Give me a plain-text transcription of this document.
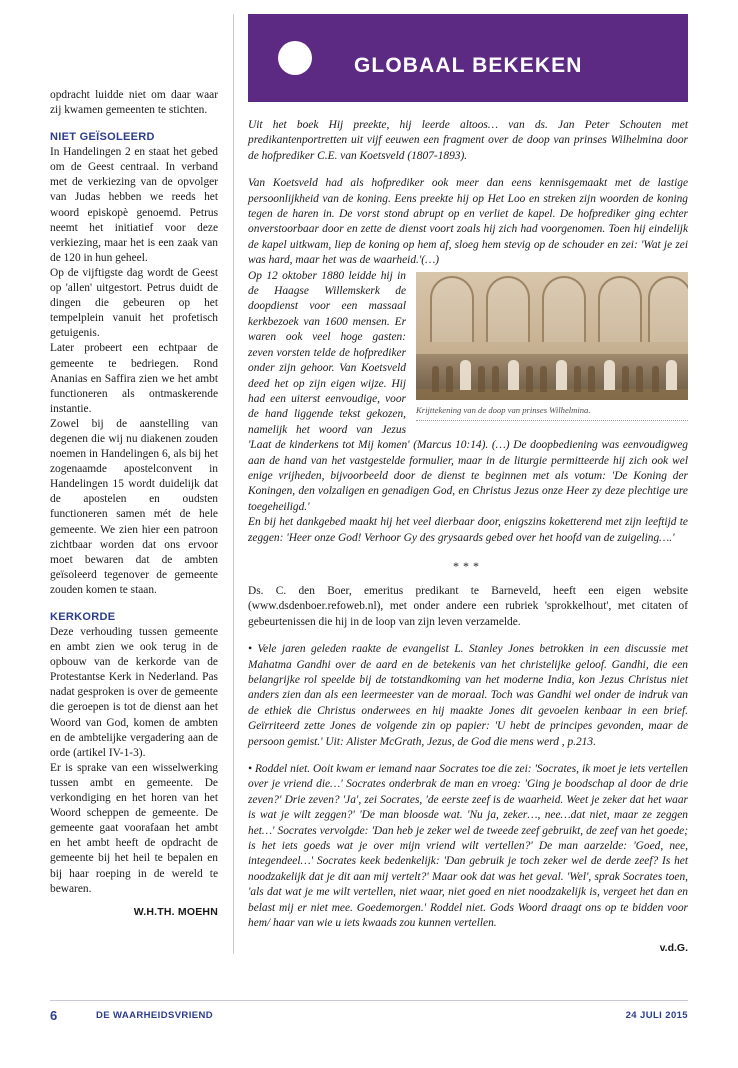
opdracht luidde niet om daar waar zij kwamen gemeenten te stichten.

NIET GEÏSOLEERD

In Handelingen 2 en staat het gebed om de Geest centraal. In verband met de verkiezing van de opvolger van Judas hebben we reeds het woord episkopè genoemd. Petrus neemt het initiatief voor deze verkiezing, maar het is een zaak van de 120 in hun geheel.

Op de vijftigste dag wordt de Geest op 'allen' uitgestort. Petrus duidt de dingen die gebeuren op het tempelplein vanuit het profetisch getuigenis.

Later probeert een echtpaar de gemeente te bedriegen. Rond Ananias en Saffira zien we het ambt functioneren als ontmaskerende instantie.

Zowel bij de aanstelling van degenen die wij nu diakenen zouden noemen in Handelingen 6, als bij het zogenaamde apostelconvent in Handelingen 15 wordt duidelijk dat de apostelen en oudsten functioneren samen mét de hele gemeente. We zien hier een patroon zichtbaar worden dat ons ervoor moet bewaren dat de ambten geïsoleerd tegenover de gemeente zouden komen te staan.

KERKORDE

Deze verhouding tussen gemeente en ambt zien we ook terug in de opbouw van de kerkorde van de Protestantse Kerk in Nederland. Pas nadat gesproken is over de gemeente die geroepen is tot de dienst aan het Woord van God, komen de ambten en de ambtelijke vergadering aan de orde (artikel IV-1-3).

Er is sprake van een wisselwerking tussen ambt en gemeente. De verkondiging en het horen van het Woord scheppen de gemeente. De gemeente gaat voorafaan het ambt en het ambt heeft de opdracht de gemeente bij het heil te bepalen en bij haar roeping in de wereld te bewaren.

W.H.TH. MOEHN
GLOBAAL BEKEKEN

Uit het boek Hij preekte, hij leerde altoos… van ds. Jan Peter Schouten met predikantenportretten uit vijf eeuwen een fragment over de doop van prinses Wilhelmina door de hofprediker C.E. van Koetsveld (1807-1893).

Van Koetsveld had als hofprediker ook meer dan eens kennisgemaakt met de lastige persoonlijkheid van de koning. Eens preekte hij op Het Loo en streken zijn woorden de koning tegen de haren in. De vorst stond abrupt op en verliet de kapel. De hofprediker ging echter onverstoorbaar door en zette de dienst voort zoals hij zich had voorgenomen. Toen hij eindelijk de kapel uitkwam, liep de koning op hem af, sloeg hem stevig op de schouder en zei: 'Wat je zei was hard, maar het was de waarheid.'(…)

Krijttekening van de doop van prinses Wilhelmina.

Op 12 oktober 1880 leidde hij in de Haagse Willemskerk de doopdienst voor een massaal kerkbezoek van 1600 mensen. Er waren ook veel hoge gasten: zeven vorsten telde de hofprediker onder zijn gehoor. Van Koetsveld deed het op zijn eigen wijze. Hij had een uiterst eenvoudige, voor de hand liggende tekst gekozen, namelijk het woord van Jezus 'Laat de kinderkens tot Mij komen' (Marcus 10:14). (…) De doopbediening was eenvoudigweg aan de hand van het vastgestelde formulier, maar in de liturgie permitteerde hij zich ook wel enige vrijheden, bijvoorbeeld door de dienst te beginnen met als votum: 'De Koning der Koningen, den volzaligen en genadigen God, en Christus Jezus onze Heer zy deze plechtige ure toegeheiligd.'

En bij het dankgebed maakt hij het veel dierbaar door, enigszins koketterend met zijn leeftijd te zeggen: 'Heer onze God! Verhoor Gy des grysaards gebed over het hoofd van de zuigeling….'

***

Ds. C. den Boer, emeritus predikant te Barneveld, heeft een eigen website (www.dsdenboer.refoweb.nl), met onder andere een rubriek 'sprokkelhout', met citaten of gebeurtenissen die hij in de loop van zijn leven verzamelde.

• Vele jaren geleden raakte de evangelist L. Stanley Jones betrokken in een discussie met Mahatma Gandhi over de aard en de betekenis van het christelijke geloof. Gandhi, die een belangrijke rol speelde bij de totstandkoming van het moderne India, kon Jezus Christus niet anders zien dan als een leermeester van de moraal. Toch was Gandhi wel onder de indruk van de ethiek die Christus onderwees en hij maakte Jones dit gevoelen kenbaar in een brief. Geïrriteerd zette Jones de volgende zin op papier: 'U hebt de principes gevonden, maar de persoon gemist.' Uit: Alister McGrath, Jezus, de God die mens werd , p.213.

• Roddel niet. Ooit kwam er iemand naar Socrates toe die zei: 'Socrates, ik moet je iets vertellen over je vriend die…' Socrates onderbrak de man en vroeg: 'Ging je boodschap al door de drie zeven?' Drie zeven? 'Ja', zei Socrates, 'de eerste zeef is de waarheid. Weet je zeker dat het waar is wat je wilt zeggen?' 'De man bloosde wat. 'Nu ja, zeker…, nee…dat niet, maar ze zeggen het…' Socrates vervolgde: 'Dan heb je zeker wel de tweede zeef gebruikt, de zeef van het goede; is het iets goeds wat je over mijn vriend wilt vertellen?' De man aarzelde: 'Goed, nee, integendeel…' Socrates keek bedenkelijk: 'Dan gebruik je toch zeker wel de derde zeef? Is het noodzakelijk dat je dit aan mij vertelt?' Maar ook dat was het geval. 'Wel', sprak Socrates toen, 'als dat wat je me wilt vertellen, niet waar, niet goed en niet noodzakelijk is, vergeet het dan en belast mij er niet mee. Goedemorgen.' Roddel niet. Gods Woord draagt ons op te bidden voor hem/ haar van wie u iets kwaads zou kunnen vertellen.

v.d.G.
6	DE WAARHEIDSVRIEND	24 JULI 2015
